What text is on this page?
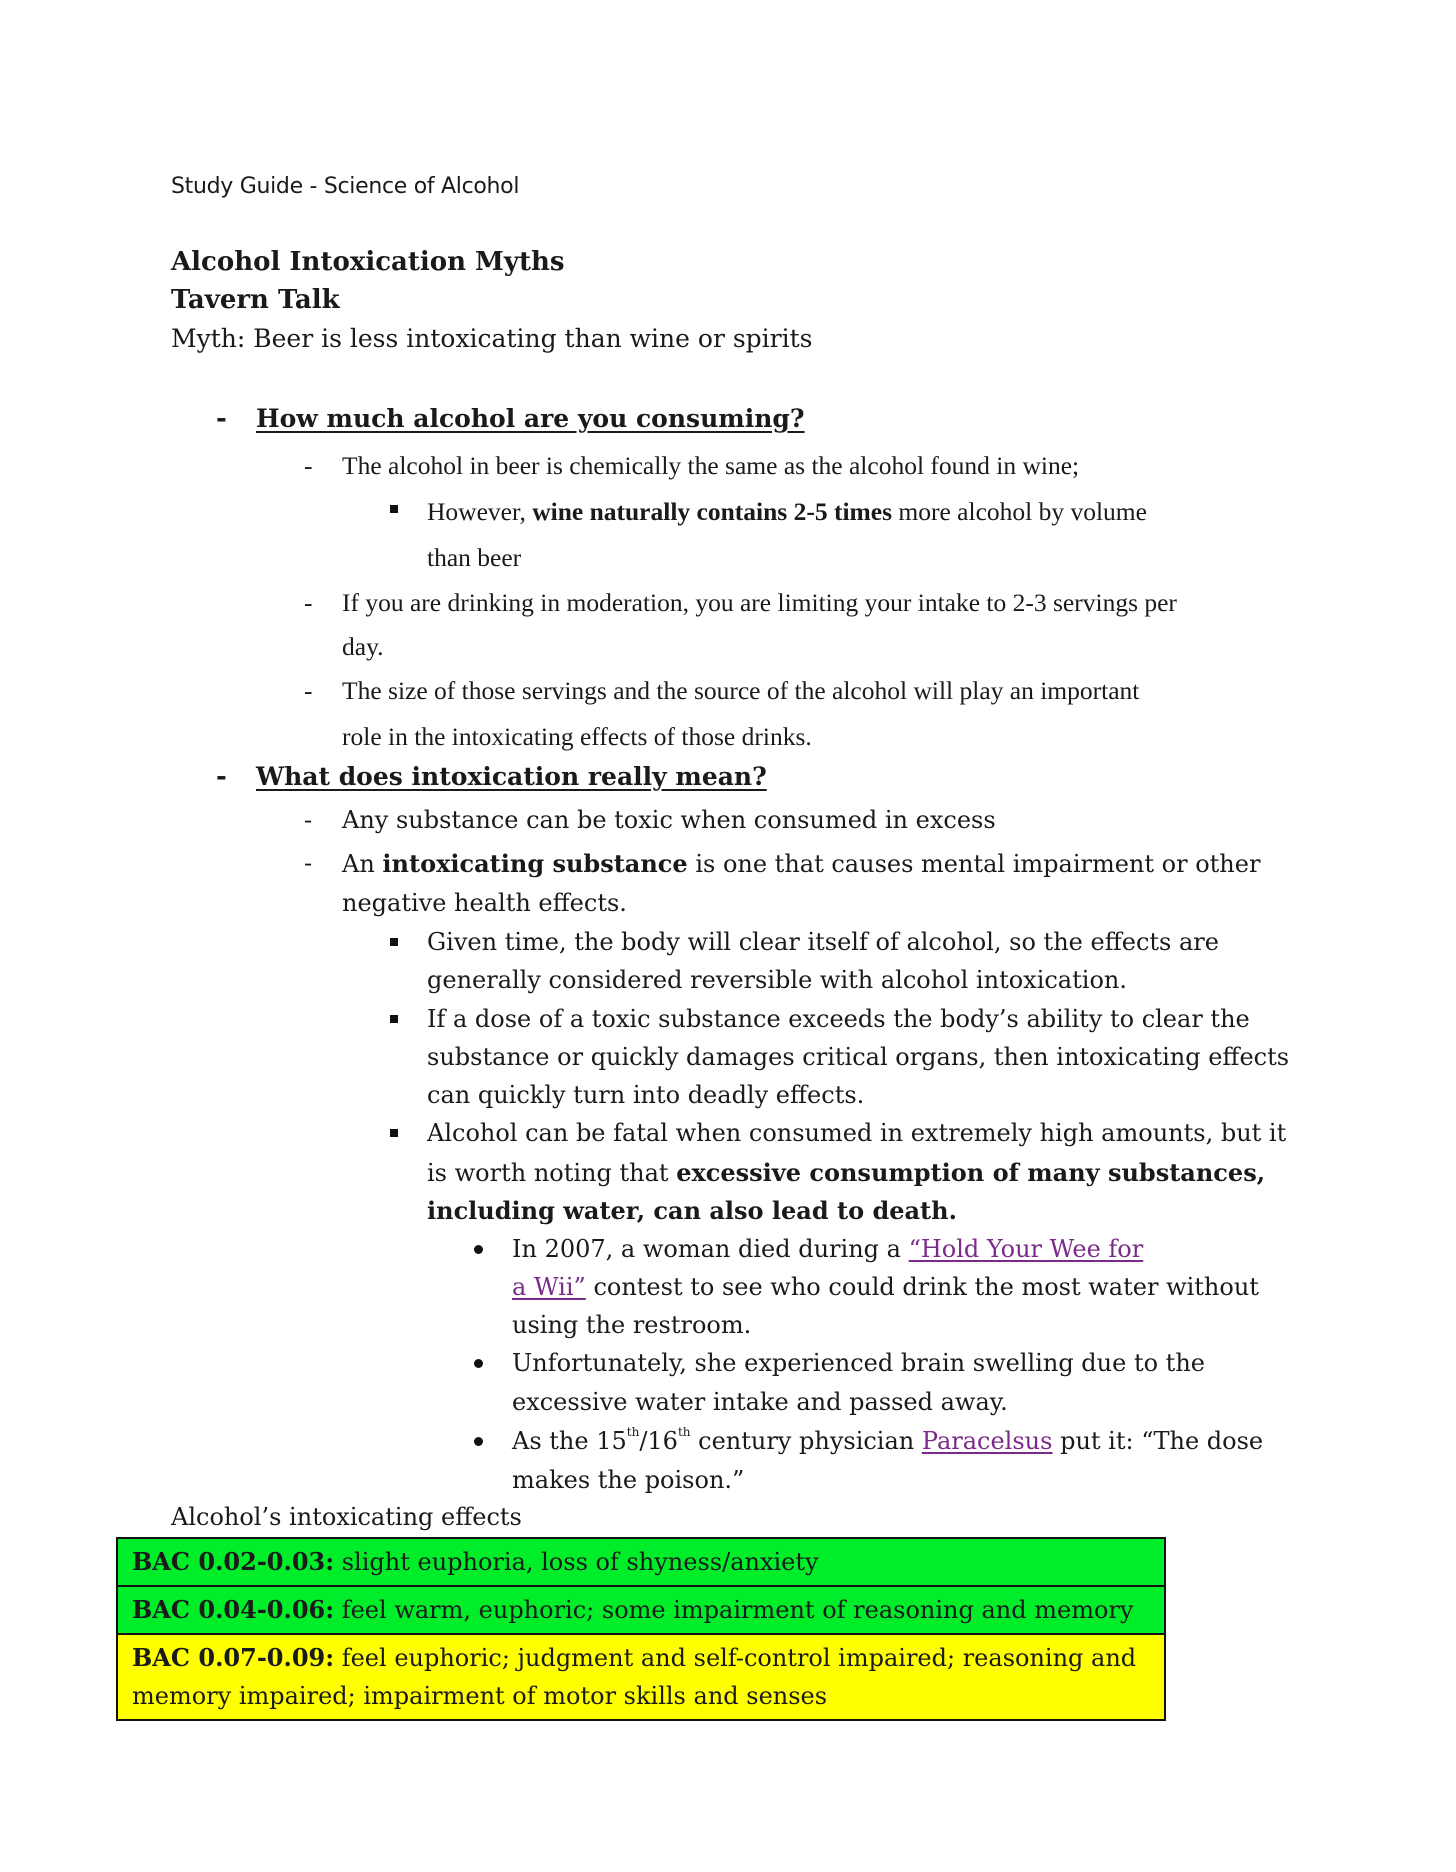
Study Guide - Science of Alcohol
Alcohol Intoxication Myths
Tavern Talk
Myth: Beer is less intoxicating than wine or spirits
- How much alcohol are you consuming?
- The alcohol in beer is chemically the same as the alcohol found in wine;
However, wine naturally contains 2-5 times more alcohol by volume
than beer
- If you are drinking in moderation, you are limiting your intake to 2-3 servings per
day.
- The size of those servings and the source of the alcohol will play an important
role in the intoxicating effects of those drinks.
- What does intoxication really mean?
- Any substance can be toxic when consumed in excess
- An intoxicating substance is one that causes mental impairment or other
negative health effects.
Given time, the body will clear itself of alcohol, so the effects are
generally considered reversible with alcohol intoxication.
If a dose of a toxic substance exceeds the body’s ability to clear the
substance or quickly damages critical organs, then intoxicating effects
can quickly turn into deadly effects.
Alcohol can be fatal when consumed in extremely high amounts, but it
is worth noting that excessive consumption of many substances,
including water, can also lead to death.
In 2007, a woman died during a “Hold Your Wee for
a Wii” contest to see who could drink the most water without
using the restroom.
Unfortunately, she experienced brain swelling due to the
excessive water intake and passed away.
As the 15th/16th century physician Paracelsus put it: “The dose
makes the poison.”
Alcohol’s intoxicating effects
BAC 0.02-0.03: slight euphoria, loss of shyness/anxiety
BAC 0.04-0.06: feel warm, euphoric; some impairment of reasoning and memory
BAC 0.07-0.09: feel euphoric; judgment and self-control impaired; reasoning and memory impaired; impairment of motor skills and senses
